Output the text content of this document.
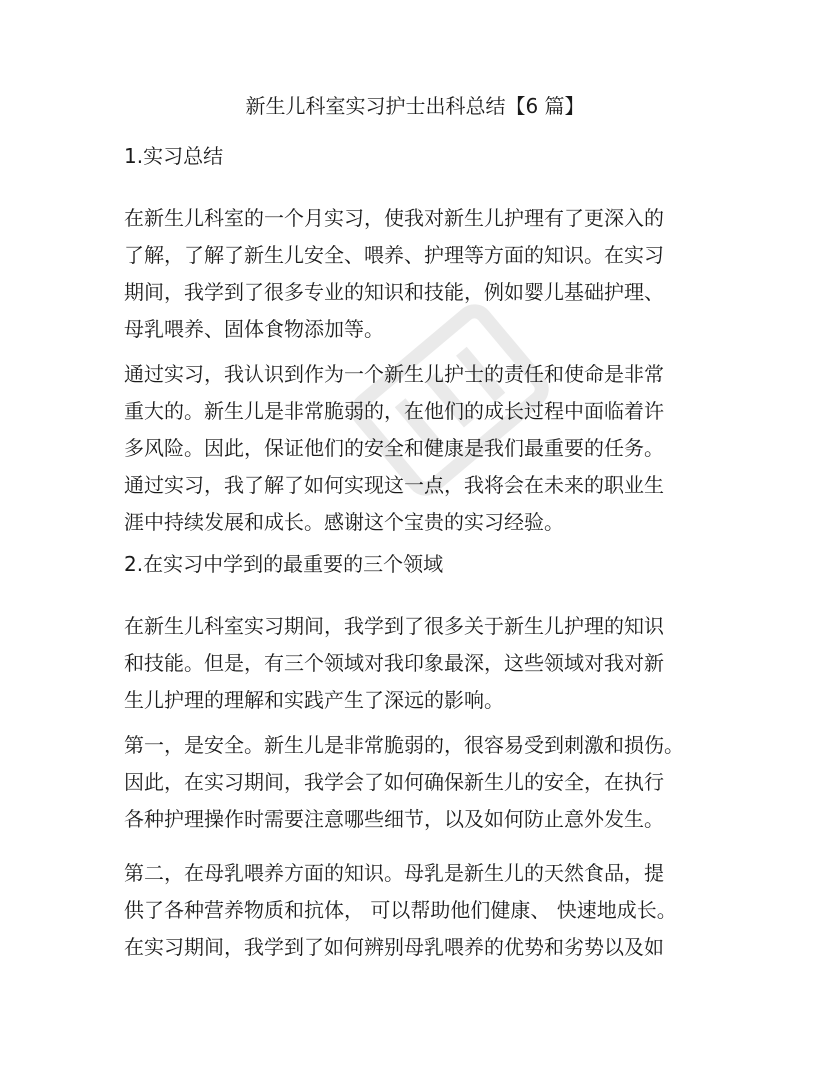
新生儿科室实习护士出科总结【6 篇】
1.实习总结
在新生儿科室的一个月实习，使我对新生儿护理有了更深入的
了解，了解了新生儿安全、喂养、护理等方面的知识。在实习
期间，我学到了很多专业的知识和技能，例如婴儿基础护理、
母乳喂养、固体食物添加等。
通过实习，我认识到作为一个新生儿护士的责任和使命是非常
重大的。新生儿是非常脆弱的，在他们的成长过程中面临着许
多风险。因此，保证他们的安全和健康是我们最重要的任务。
通过实习，我了解了如何实现这一点，我将会在未来的职业生
涯中持续发展和成长。感谢这个宝贵的实习经验。
2.在实习中学到的最重要的三个领域
在新生儿科室实习期间，我学到了很多关于新生儿护理的知识
和技能。但是，有三个领域对我印象最深，这些领域对我对新
生儿护理的理解和实践产生了深远的影响。
第一，是安全。新生儿是非常脆弱的，很容易受到刺激和损伤。
因此，在实习期间，我学会了如何确保新生儿的安全，在执行
各种护理操作时需要注意哪些细节，以及如何防止意外发生。
第二，在母乳喂养方面的知识。母乳是新生儿的天然食品，提
供了各种营养物质和抗体， 可以帮助他们健康、 快速地成长。
在实习期间，我学到了如何辨别母乳喂养的优势和劣势以及如
